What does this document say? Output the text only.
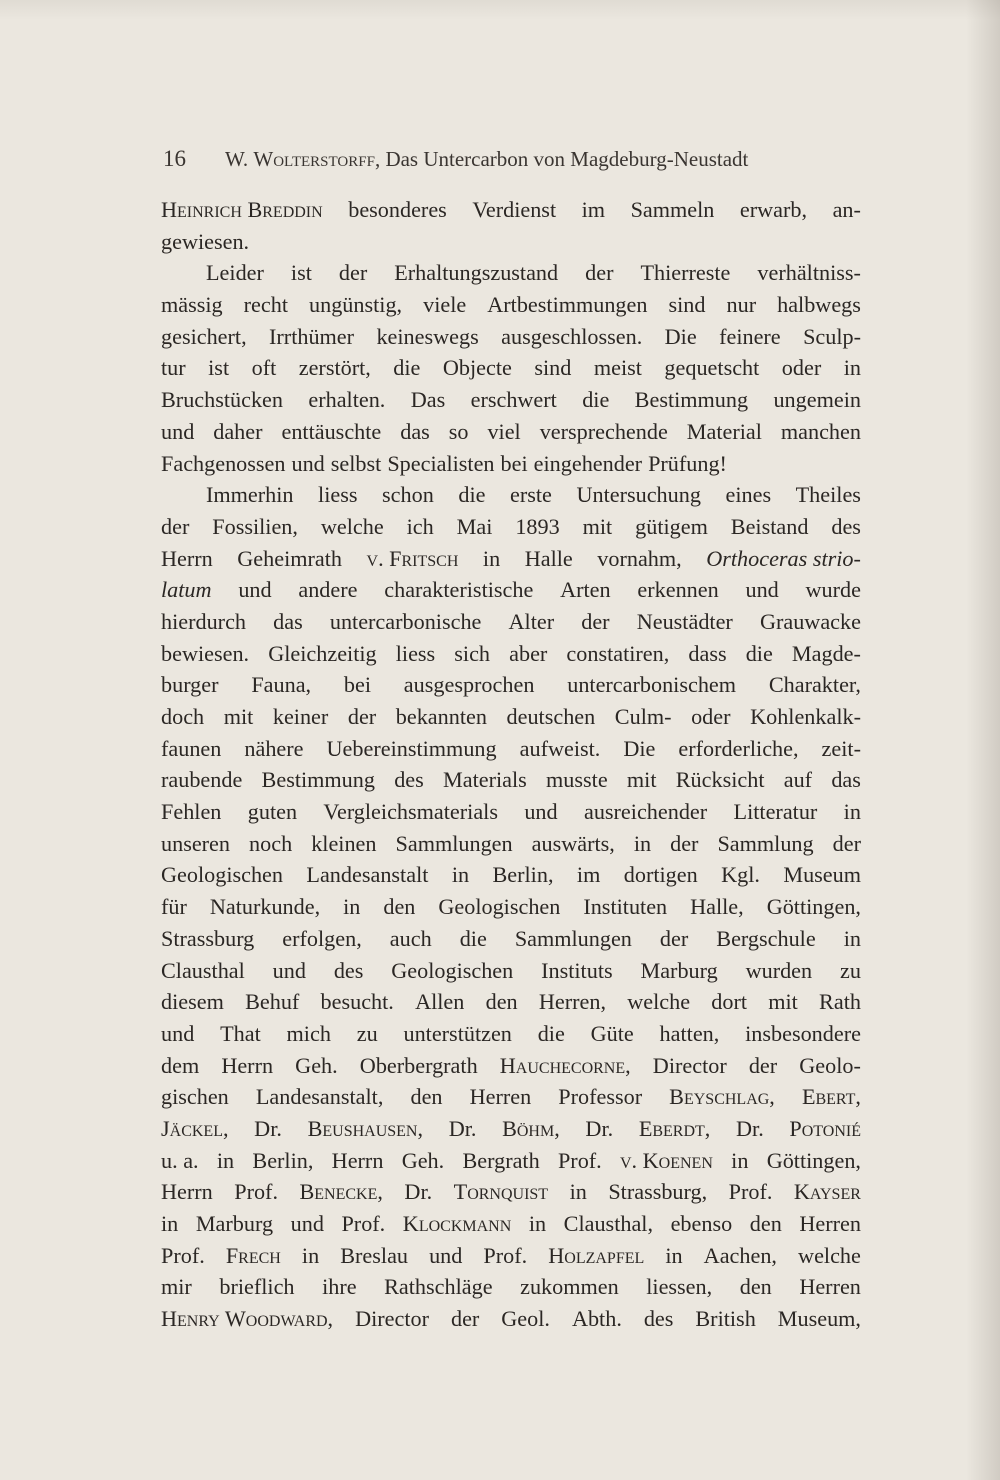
16 W. Wolterstorff, Das Untercarbon von Magdeburg-Neustadt
Heinrich Breddin besonderes Verdienst im Sammeln erwarb, an-
gewiesen.
Leider ist der Erhaltungszustand der Thierreste verhältniss-
mässig recht ungünstig, viele Artbestimmungen sind nur halbwegs
gesichert, Irrthümer keineswegs ausgeschlossen. Die feinere Sculp-
tur ist oft zerstört, die Objecte sind meist gequetscht oder in
Bruchstücken erhalten. Das erschwert die Bestimmung ungemein
und daher enttäuschte das so viel versprechende Material manchen
Fachgenossen und selbst Specialisten bei eingehender Prüfung!
Immerhin liess schon die erste Untersuchung eines Theiles
der Fossilien, welche ich Mai 1893 mit gütigem Beistand des
Herrn Geheimrath v. Fritsch in Halle vornahm, Orthoceras strio-
latum und andere charakteristische Arten erkennen und wurde
hierdurch das untercarbonische Alter der Neustädter Grauwacke
bewiesen. Gleichzeitig liess sich aber constatiren, dass die Magde-
burger Fauna, bei ausgesprochen untercarbonischem Charakter,
doch mit keiner der bekannten deutschen Culm- oder Kohlenkalk-
faunen nähere Uebereinstimmung aufweist. Die erforderliche, zeit-
raubende Bestimmung des Materials musste mit Rücksicht auf das
Fehlen guten Vergleichsmaterials und ausreichender Litteratur in
unseren noch kleinen Sammlungen auswärts, in der Sammlung der
Geologischen Landesanstalt in Berlin, im dortigen Kgl. Museum
für Naturkunde, in den Geologischen Instituten Halle, Göttingen,
Strassburg erfolgen, auch die Sammlungen der Bergschule in
Clausthal und des Geologischen Instituts Marburg wurden zu
diesem Behuf besucht. Allen den Herren, welche dort mit Rath
und That mich zu unterstützen die Güte hatten, insbesondere
dem Herrn Geh. Oberbergrath Hauchecorne, Director der Geolo-
gischen Landesanstalt, den Herren Professor Beyschlag, Ebert,
Jäckel, Dr. Beushausen, Dr. Böhm, Dr. Eberdt, Dr. Potonié
u. a. in Berlin, Herrn Geh. Bergrath Prof. v. Koenen in Göttingen,
Herrn Prof. Benecke, Dr. Tornquist in Strassburg, Prof. Kayser
in Marburg und Prof. Klockmann in Clausthal, ebenso den Herren
Prof. Frech in Breslau und Prof. Holzapfel in Aachen, welche
mir brieflich ihre Rathschläge zukommen liessen, den Herren
Henry Woodward, Director der Geol. Abth. des British Museum,
